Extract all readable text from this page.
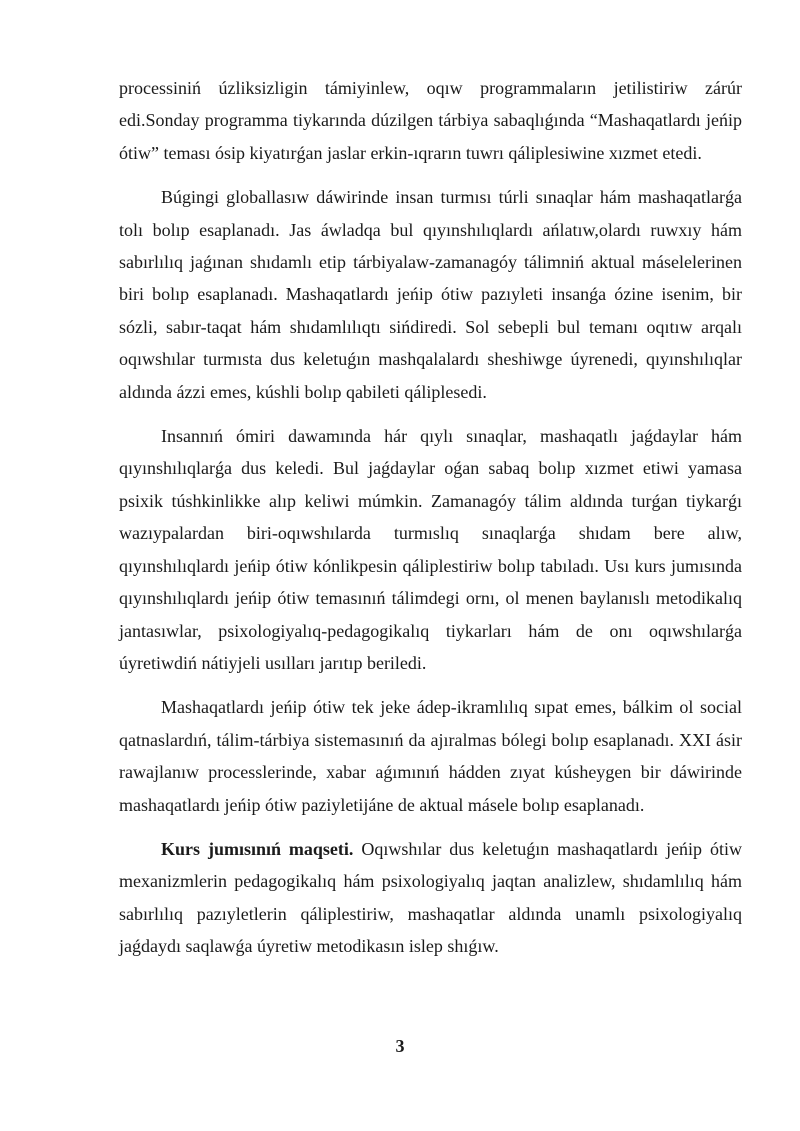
processiniń úzliksizligin támiyinlew, oqıw programmaların jetilistiriw zárúr edi.Sonday programma tiykarında dúzilgen tárbiya sabaqlıǵında “Mashaqatlardı jeńip ótiw” teması ósip kiyatırǵan jaslar erkin-ıqrarın tuwrı qáliplesiwine xızmet etedi.

Búgingi globallasıw dáwirinde insan turmısı túrli sınaqlar hám mashaqatlarǵa tolı bolıp esaplanadı. Jas áwladqa bul qıyınshılıqlardı ańlatıw,olardı ruwxıy hám sabırlılıq jaǵınan shıdamlı etip tárbiyalaw-zamanagóy tálimniń aktual máselelerinen biri bolıp esaplanadı. Mashaqatlardı jeńip ótiw pazıyleti insanǵa ózine isenim, bir sózli, sabır-taqat hám shıdamlılıqtı sińdiredi. Sol sebepli bul temanı oqıtıw arqalı oqıwshılar turmısta dus keletuǵın mashqalalardı sheshiwge úyrenedi, qıyınshılıqlar aldında ázzi emes, kúshli bolıp qabileti qáliplesedi.

Insannıń ómiri dawamında hár qıylı sınaqlar, mashaqatlı jaǵdaylar hám qıyınshılıqlarǵa dus keledi. Bul jaǵdaylar oǵan sabaq bolıp xızmet etiwi yamasa psixik túshkinlikke alıp keliwi múmkin. Zamanagóy tálim aldında turǵan tiykarǵı wazıypalardan biri-oqıwshılarda turmıslıq sınaqlarǵa shıdam bere alıw, qıyınshılıqlardı jeńip ótiw kónlikpesin qáliplestiriw bolıp tabıladı. Usı kurs jumısında qıyınshılıqlardı jeńip ótiw temasınıń tálimdegi ornı, ol menen baylanıslı metodikalıq jantasıwlar, psixologiyalıq-pedagogikalıq tiykarları hám de onı oqıwshılarǵa úyretiwdiń nátiyjeli usılları jarıtıp beriledi.

Mashaqatlardı jeńip ótiw tek jeke ádep-ikramlılıq sıpat emes, bálkim ol social qatnaslardıń, tálim-tárbiya sistemasınıń da ajıralmas bólegi bolıp esaplanadı. XXI ásir rawajlanıw processlerinde, xabar aǵımınıń hádden zıyat kúsheygen bir dáwirinde mashaqatlardı jeńip ótiw paziyletijáne de aktual másele bolıp esaplanadı.

Kurs jumısınıń maqseti. Oqıwshılar dus keletuǵın mashaqatlardı jeńip ótiw mexanizmlerin pedagogikalıq hám psixologiyalıq jaqtan analizlew, shıdamlılıq hám sabırlılıq pazıyletlerin qáliplestiriw, mashaqatlar aldında unamlı psixologiyalıq jaǵdaydı saqlawǵa úyretiw metodikasın islep shıǵıw.

3
